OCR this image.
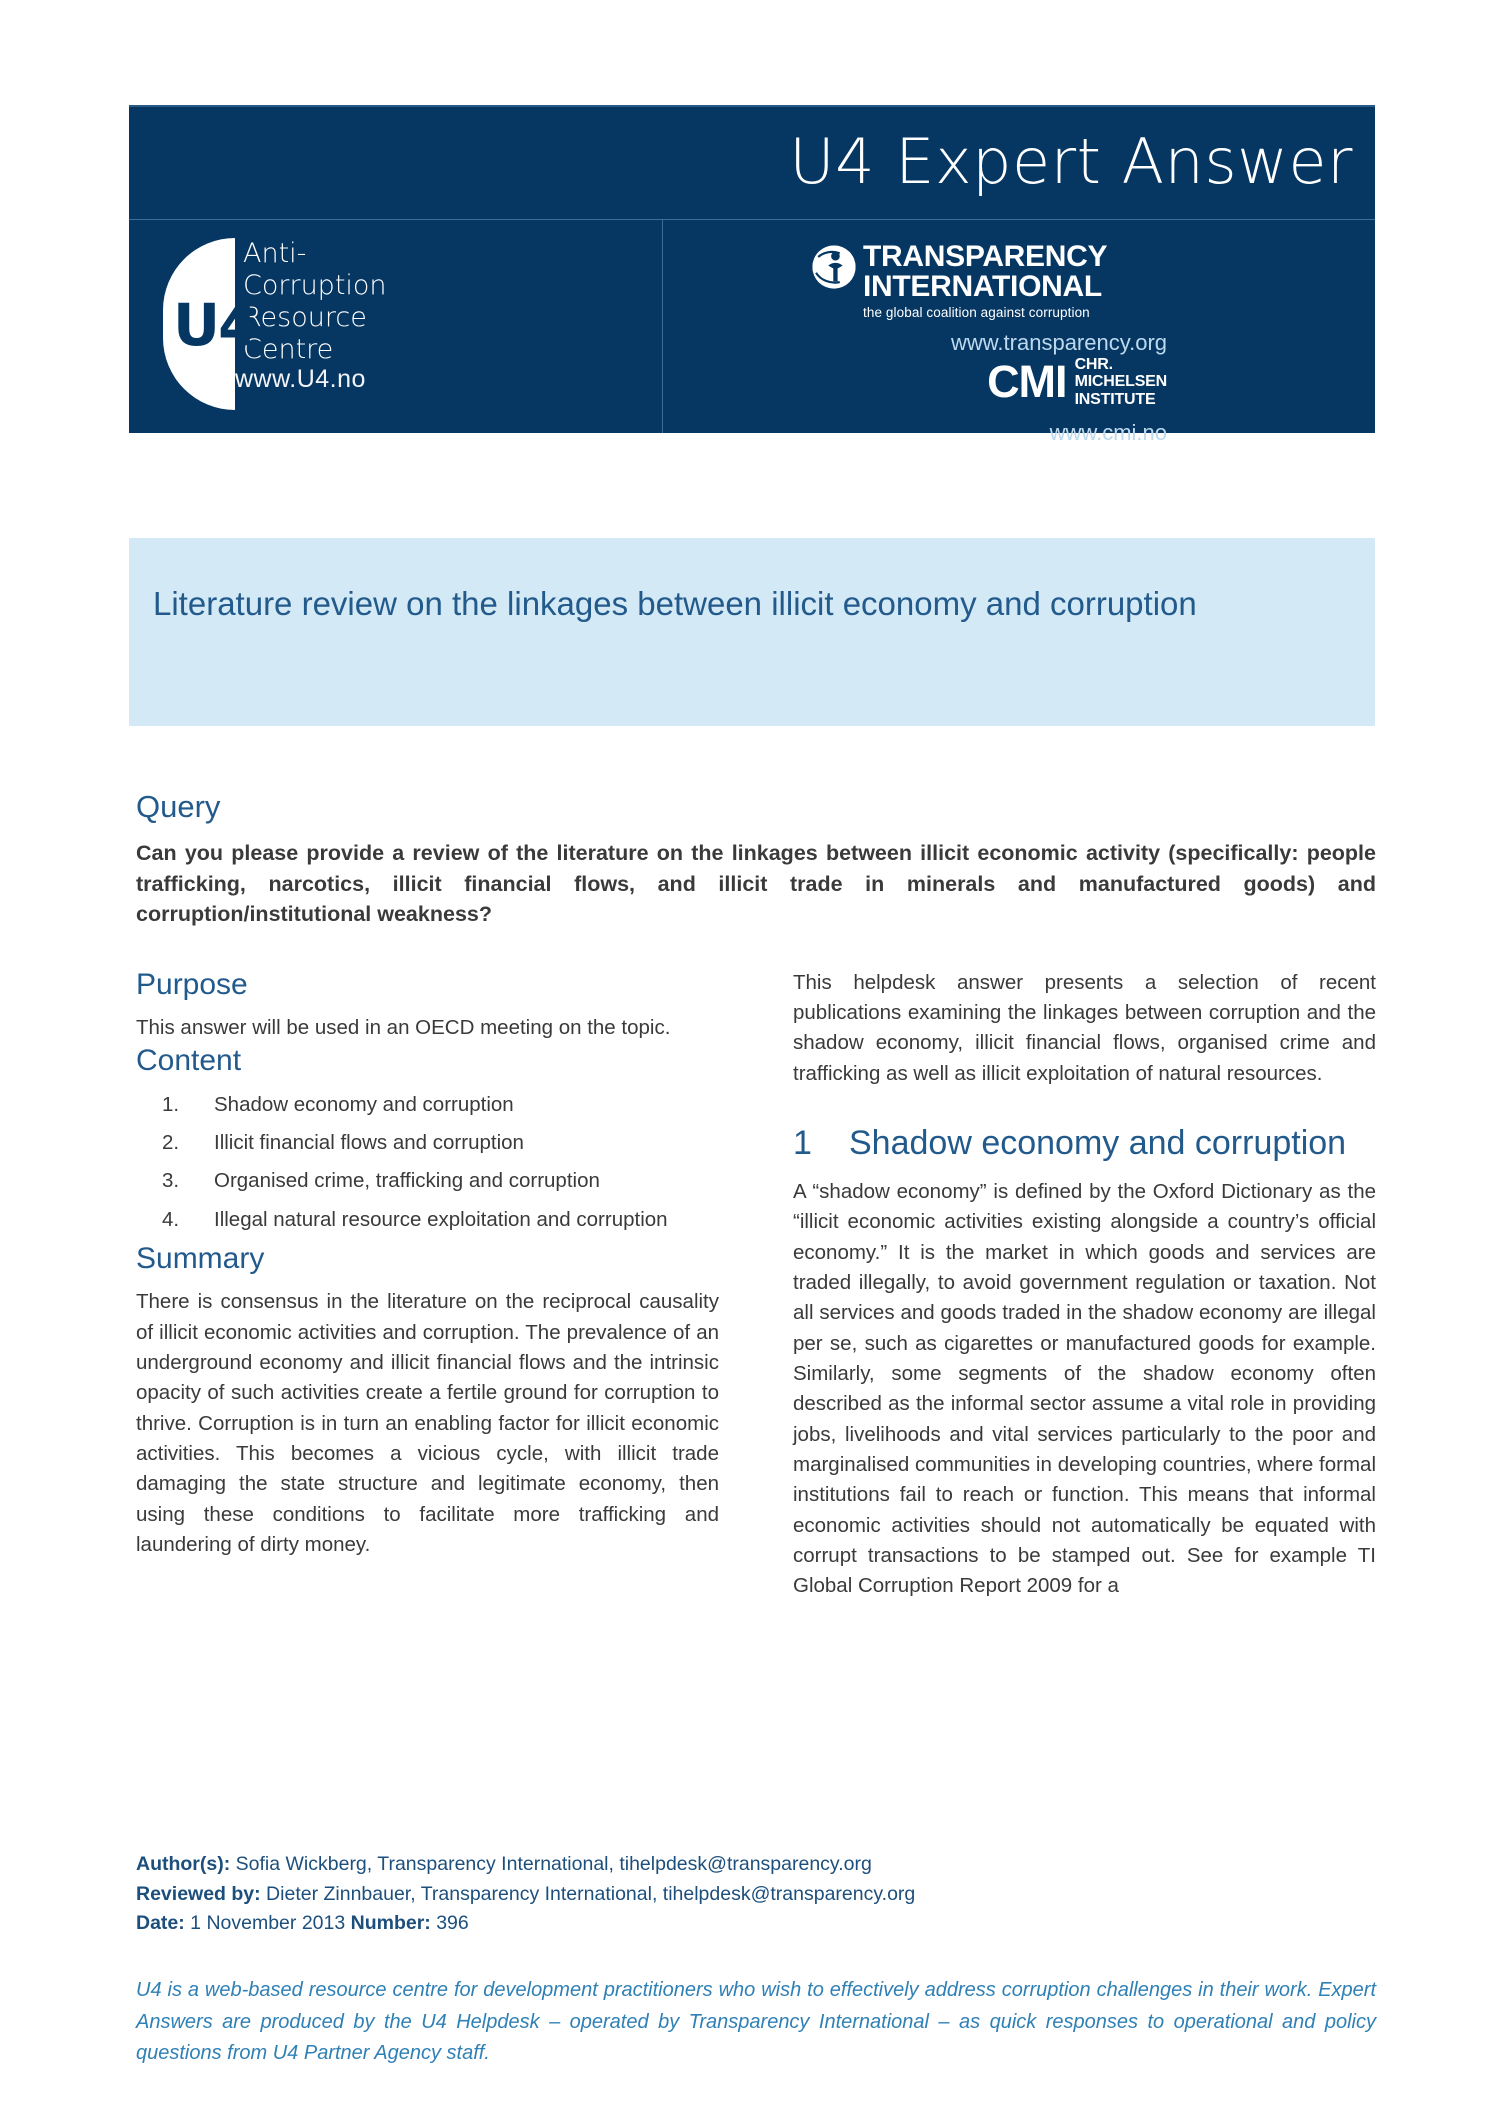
U4 Expert Answer
U4
Anti-
Corruption
Resource
Centre
www.U4.no
TRANSPARENCY
INTERNATIONAL
the global coalition against corruption
www.transparency.org
CMI CHR.
MICHELSEN
INSTITUTE
www.cmi.no
Literature review on the linkages between illicit economy and corruption
Query

Can you please provide a review of the literature on the linkages between illicit economic activity (specifically: people trafficking, narcotics, illicit financial flows, and illicit trade in minerals and manufactured goods) and corruption/institutional weakness?

Purpose

This answer will be used in an OECD meeting on the topic.

Content
Shadow economy and corruption
Illicit financial flows and corruption
Organised crime, trafficking and corruption
Illegal natural resource exploitation and corruption
Summary

There is consensus in the literature on the reciprocal causality of illicit economic activities and corruption. The prevalence of an underground economy and illicit financial flows and the intrinsic opacity of such activities create a fertile ground for corruption to thrive. Corruption is in turn an enabling factor for illicit economic activities. This becomes a vicious cycle, with illicit trade damaging the state structure and legitimate economy, then using these conditions to facilitate more trafficking and laundering of dirty money.

This helpdesk answer presents a selection of recent publications examining the linkages between corruption and the shadow economy, illicit financial flows, organised crime and trafficking as well as illicit exploitation of natural resources.

1 Shadow economy and corruption

A “shadow economy” is defined by the Oxford Dictionary as the “illicit economic activities existing alongside a country’s official economy.” It is the market in which goods and services are traded illegally, to avoid government regulation or taxation. Not all services and goods traded in the shadow economy are illegal per se, such as cigarettes or manufactured goods for example. Similarly, some segments of the shadow economy often described as the informal sector assume a vital role in providing jobs, livelihoods and vital services particularly to the poor and marginalised communities in developing countries, where formal institutions fail to reach or function. This means that informal economic activities should not automatically be equated with corrupt transactions to be stamped out. See for example TI Global Corruption Report 2009 for a

Author(s): Sofia Wickberg, Transparency International, tihelpdesk@transparency.org
Reviewed by: Dieter Zinnbauer, Transparency International, tihelpdesk@transparency.org
Date: 1 November 2013 Number: 396
U4 is a web-based resource centre for development practitioners who wish to effectively address corruption challenges in their work. Expert Answers are produced by the U4 Helpdesk – operated by Transparency International – as quick responses to operational and policy questions from U4 Partner Agency staff.
